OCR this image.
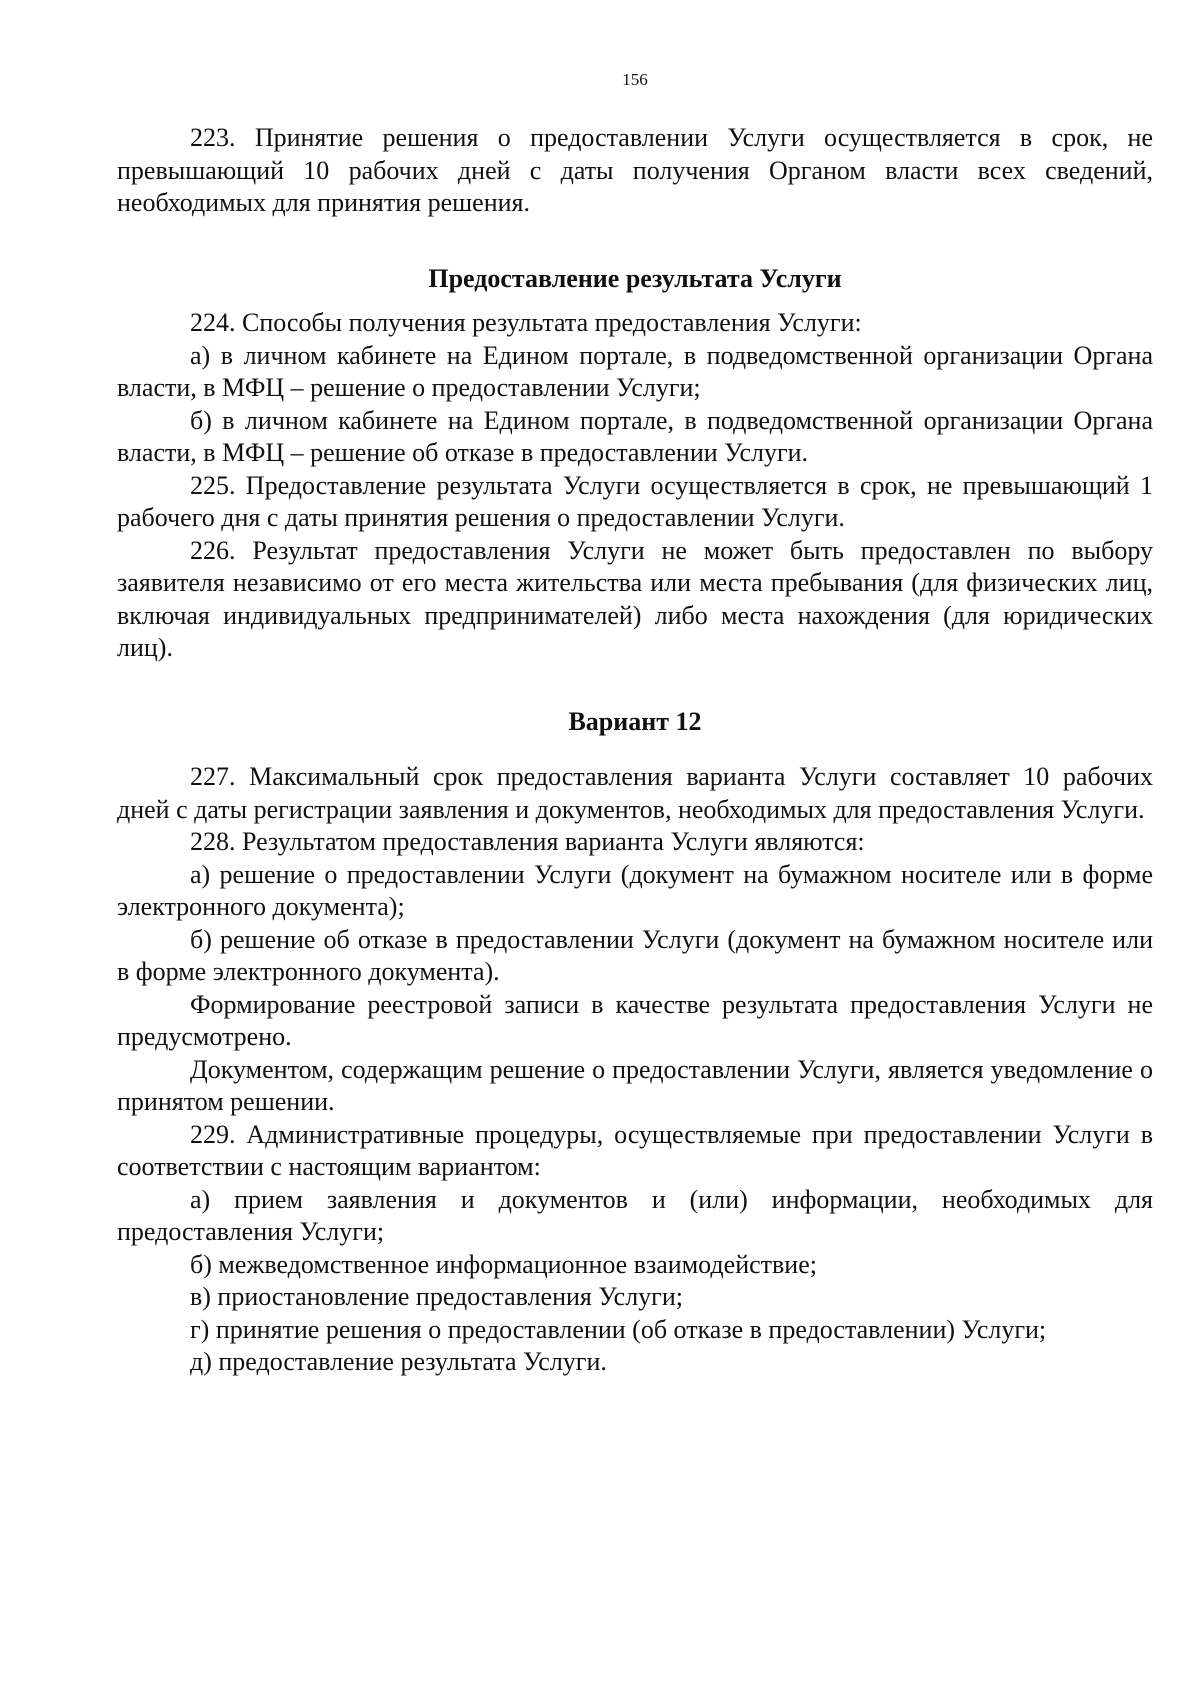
156

223. Принятие решения о предоставлении Услуги осуществляется в срок, не превышающий 10 рабочих дней с даты получения Органом власти всех сведений, необходимых для принятия решения.

Предоставление результата Услуги

224. Способы получения результата предоставления Услуги:

а) в личном кабинете на Едином портале, в подведомственной организации Органа власти, в МФЦ – решение о предоставлении Услуги;

б) в личном кабинете на Едином портале, в подведомственной организации Органа власти, в МФЦ – решение об отказе в предоставлении Услуги.

225. Предоставление результата Услуги осуществляется в срок, не превышающий 1 рабочего дня с даты принятия решения о предоставлении Услуги.

226. Результат предоставления Услуги не может быть предоставлен по выбору заявителя независимо от его места жительства или места пребывания (для физических лиц, включая индивидуальных предпринимателей) либо места нахождения (для юридических лиц).

Вариант 12

227. Максимальный срок предоставления варианта Услуги составляет 10 рабочих дней с даты регистрации заявления и документов, необходимых для предоставления Услуги.

228. Результатом предоставления варианта Услуги являются:

а) решение о предоставлении Услуги (документ на бумажном носителе или в форме электронного документа);

б) решение об отказе в предоставлении Услуги (документ на бумажном носителе или в форме электронного документа).

Формирование реестровой записи в качестве результата предоставления Услуги не предусмотрено.

Документом, содержащим решение о предоставлении Услуги, является уведомление о принятом решении.

229. Административные процедуры, осуществляемые при предоставлении Услуги в соответствии с настоящим вариантом:

а) прием заявления и документов и (или) информации, необходимых для предоставления Услуги;

б) межведомственное информационное взаимодействие;

в) приостановление предоставления Услуги;

г) принятие решения о предоставлении (об отказе в предоставлении) Услуги;

д) предоставление результата Услуги.
